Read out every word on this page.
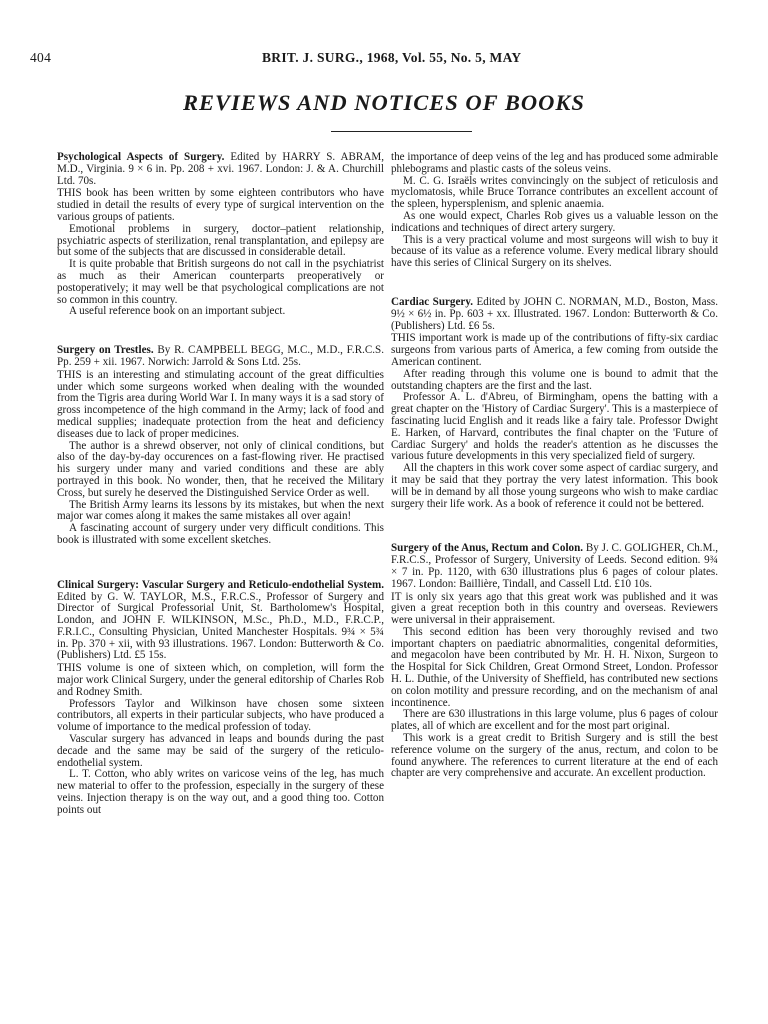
404	BRIT. J. SURG., 1968, Vol. 55, No. 5, MAY
REVIEWS AND NOTICES OF BOOKS
Psychological Aspects of Surgery. Edited by HARRY S. ABRAM, M.D., Virginia. 9 × 6 in. Pp. 208 + xvi. 1967. London: J. & A. Churchill Ltd. 70s.

THIS book has been written by some eighteen contributors who have studied in detail the results of every type of surgical intervention on the various groups of patients.

Emotional problems in surgery, doctor–patient relationship, psychiatric aspects of sterilization, renal transplantation, and epilepsy are but some of the subjects that are discussed in considerable detail.

It is quite probable that British surgeons do not call in the psychiatrist as much as their American counterparts preoperatively or postoperatively; it may well be that psychological complications are not so common in this country.

A useful reference book on an important subject.

Surgery on Trestles. By R. CAMPBELL BEGG, M.C., M.D., F.R.C.S. Pp. 259 + xii. 1967. Norwich: Jarrold & Sons Ltd. 25s.

THIS is an interesting and stimulating account of the great difficulties under which some surgeons worked when dealing with the wounded from the Tigris area during World War I. In many ways it is a sad story of gross incompetence of the high command in the Army; lack of food and medical supplies; inadequate protection from the heat and deficiency diseases due to lack of proper medicines.

The author is a shrewd observer, not only of clinical conditions, but also of the day-by-day occurences on a fast-flowing river. He practised his surgery under many and varied conditions and these are ably portrayed in this book. No wonder, then, that he received the Military Cross, but surely he deserved the Distinguished Service Order as well.

The British Army learns its lessons by its mistakes, but when the next major war comes along it makes the same mistakes all over again!

A fascinating account of surgery under very difficult conditions. This book is illustrated with some excellent sketches.

Clinical Surgery: Vascular Surgery and Reticulo-endothelial System. Edited by G. W. TAYLOR, M.S., F.R.C.S., Professor of Surgery and Director of Surgical Professorial Unit, St. Bartholomew's Hospital, London, and JOHN F. WILKINSON, M.Sc., Ph.D., M.D., F.R.C.P., F.R.I.C., Consulting Physician, United Manchester Hospitals. 9¾ × 5¾ in. Pp. 370 + xii, with 93 illustrations. 1967. London: Butterworth & Co. (Publishers) Ltd. £5 15s.

THIS volume is one of sixteen which, on completion, will form the major work Clinical Surgery, under the general editorship of Charles Rob and Rodney Smith.

Professors Taylor and Wilkinson have chosen some sixteen contributors, all experts in their particular subjects, who have produced a volume of importance to the medical profession of today.

Vascular surgery has advanced in leaps and bounds during the past decade and the same may be said of the surgery of the reticulo-endothelial system.

L. T. Cotton, who ably writes on varicose veins of the leg, has much new material to offer to the profession, especially in the surgery of these veins. Injection therapy is on the way out, and a good thing too. Cotton points out

the importance of deep veins of the leg and has produced some admirable phlebograms and plastic casts of the soleus veins.

M. C. G. Israëls writes convincingly on the subject of reticulosis and myclomatosis, while Bruce Torrance contributes an excellent account of the spleen, hypersplenism, and splenic anaemia.

As one would expect, Charles Rob gives us a valuable lesson on the indications and techniques of direct artery surgery.

This is a very practical volume and most surgeons will wish to buy it because of its value as a reference volume. Every medical library should have this series of Clinical Surgery on its shelves.

Cardiac Surgery. Edited by JOHN C. NORMAN, M.D., Boston, Mass. 9½ × 6½ in. Pp. 603 + xx. Illustrated. 1967. London: Butterworth & Co. (Publishers) Ltd. £6 5s.

THIS important work is made up of the contributions of fifty-six cardiac surgeons from various parts of America, a few coming from outside the American continent.

After reading through this volume one is bound to admit that the outstanding chapters are the first and the last.

Professor A. L. d'Abreu, of Birmingham, opens the batting with a great chapter on the 'History of Cardiac Surgery'. This is a masterpiece of fascinating lucid English and it reads like a fairy tale. Professor Dwight E. Harken, of Harvard, contributes the final chapter on the 'Future of Cardiac Surgery' and holds the reader's attention as he discusses the various future developments in this very specialized field of surgery.

All the chapters in this work cover some aspect of cardiac surgery, and it may be said that they portray the very latest information. This book will be in demand by all those young surgeons who wish to make cardiac surgery their life work. As a book of reference it could not be bettered.

Surgery of the Anus, Rectum and Colon. By J. C. GOLIGHER, Ch.M., F.R.C.S., Professor of Surgery, University of Leeds. Second edition. 9¾ × 7 in. Pp. 1120, with 630 illustrations plus 6 pages of colour plates. 1967. London: Baillière, Tindall, and Cassell Ltd. £10 10s.

IT is only six years ago that this great work was published and it was given a great reception both in this country and overseas. Reviewers were universal in their appraisement.

This second edition has been very thoroughly revised and two important chapters on paediatric abnormalities, congenital deformities, and megacolon have been contributed by Mr. H. H. Nixon, Surgeon to the Hospital for Sick Children, Great Ormond Street, London. Professor H. L. Duthie, of the University of Sheffield, has contributed new sections on colon motility and pressure recording, and on the mechanism of anal incontinence.

There are 630 illustrations in this large volume, plus 6 pages of colour plates, all of which are excellent and for the most part original.

This work is a great credit to British Surgery and is still the best reference volume on the surgery of the anus, rectum, and colon to be found anywhere. The references to current literature at the end of each chapter are very comprehensive and accurate. An excellent production.
